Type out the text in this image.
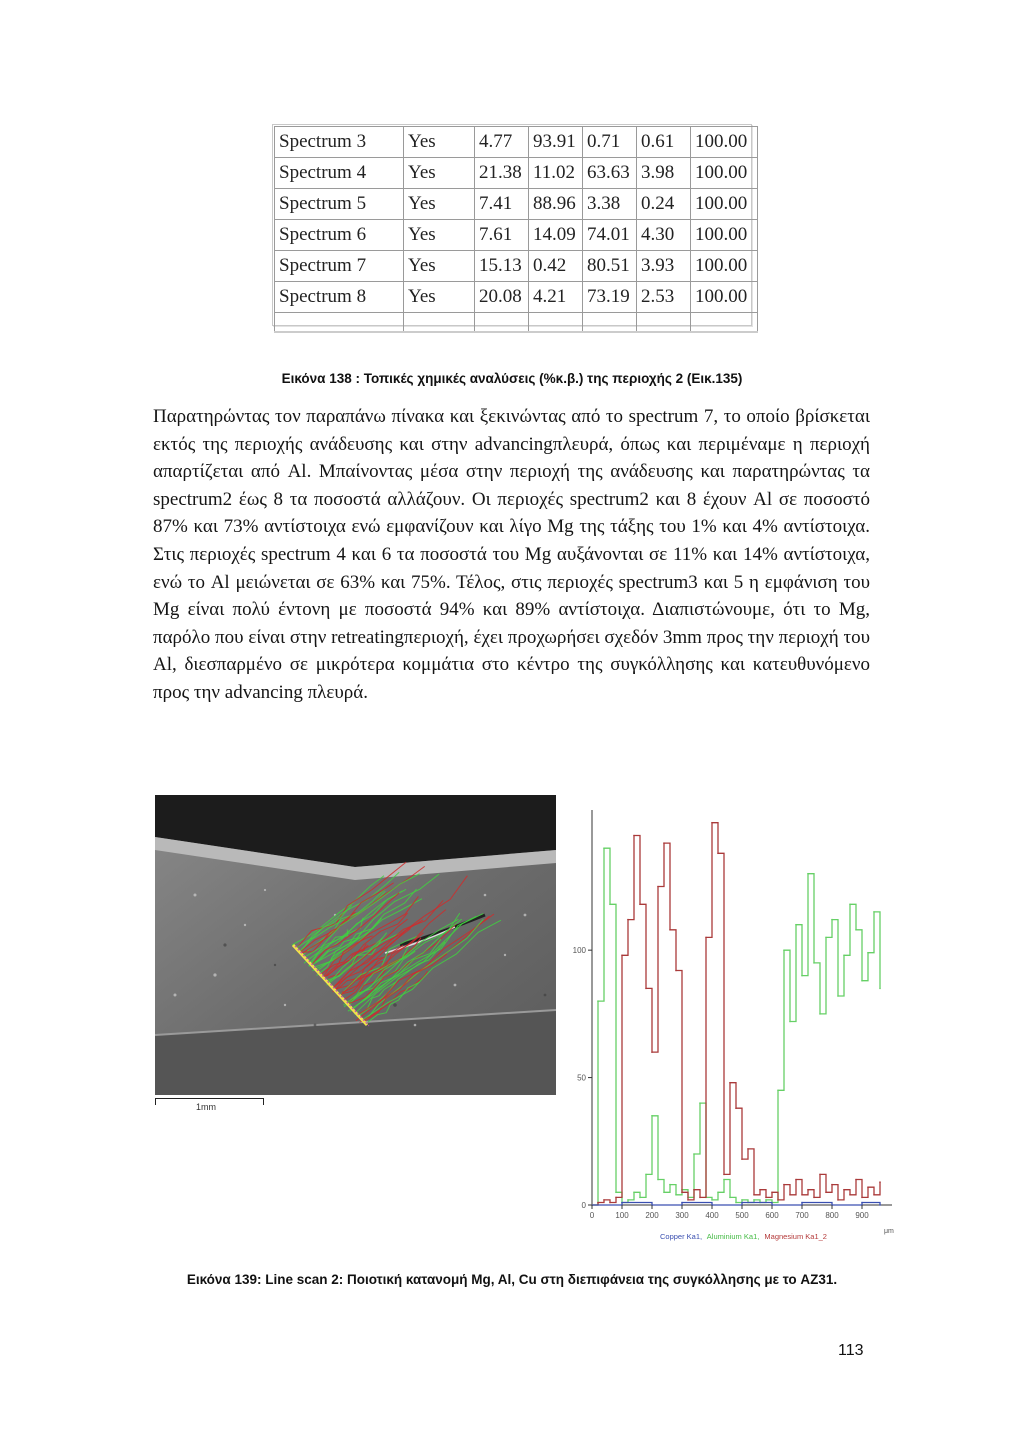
Spectrum 3	Yes	4.77	93.91	0.71	0.61	100.00
Spectrum 4	Yes	21.38	11.02	63.63	3.98	100.00
Spectrum 5	Yes	7.41	88.96	3.38	0.24	100.00
Spectrum 6	Yes	7.61	14.09	74.01	4.30	100.00
Spectrum 7	Yes	15.13	0.42	80.51	3.93	100.00
Spectrum 8	Yes	20.08	4.21	73.19	2.53	100.00

Εικόνα 138 : Τοπικές χημικές αναλύσεις (%κ.β.) της περιοχής 2 (Εικ.135)

Παρατηρώντας τον παραπάνω πίνακα και ξεκινώντας από το spectrum 7, το οποίο βρίσκεται εκτός της περιοχής ανάδευσης και στην advancingπλευρά, όπως και περιμέναμε η περιοχή απαρτίζεται από Al. Μπαίνοντας μέσα στην περιοχή της ανάδευσης και παρατηρώντας τα spectrum2 έως 8 τα ποσοστά αλλάζουν. Οι περιοχές spectrum2 και 8 έχουν Al σε ποσοστό 87% και 73% αντίστοιχα ενώ εμφανίζουν και λίγο Mg της τάξης του 1% και 4% αντίστοιχα. Στις περιοχές spectrum 4 και 6 τα ποσοστά του Mg αυξάνονται σε 11% και 14% αντίστοιχα, ενώ το Al μειώνεται σε 63% και 75%. Τέλος, στις περιοχές spectrum3 και 5 η εμφάνιση του Mg είναι πολύ έντονη με ποσοστά 94% και 89% αντίστοιχα. Διαπιστώνουμε, ότι το Mg, παρόλο που είναι στην retreatingπεριοχή, έχει προχωρήσει σχεδόν 3mm προς την περιοχή του Al, διεσπαρμένο σε μικρότερα κομμάτια στο κέντρο της συγκόλλησης και κατευθυνόμενο προς την advancing πλευρά.

1mm
0	100 200 300 400 500 600 700 800 900
0
50
100
Copper Ka1, Aluminium Ka1, Magnesium Ka1_2
μm
Εικόνα 139: Line scan 2: Ποιοτική κατανομή Mg, Al, Cu στη διεπιφάνεια της συγκόλλησης με το AZ31.
113
